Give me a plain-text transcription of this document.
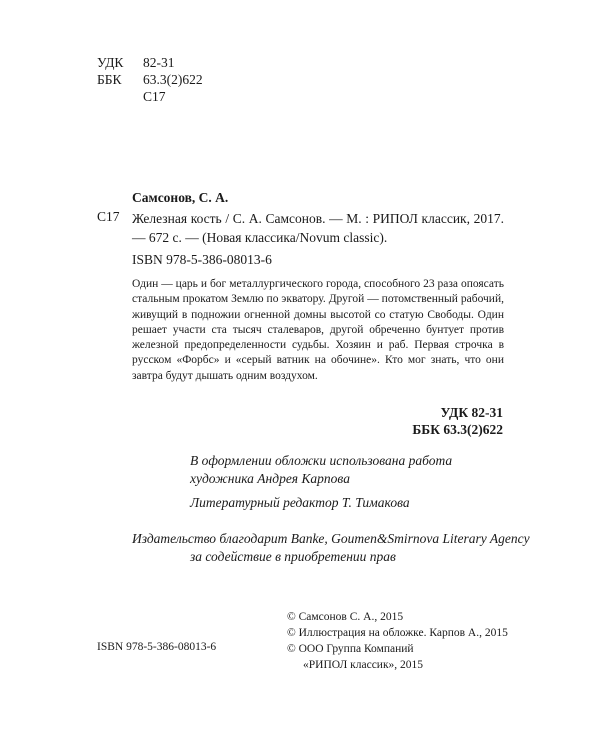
УДК	82-31
ББК	63.3(2)622
С17
Самсонов, С. А.
С17 Железная кость / С. А. Самсонов. — М. : РИПОЛ классик, 2017. — 672 с. — (Новая классика/Novum classic).
ISBN 978-5-386-08013-6

Один — царь и бог металлургического города, способного 23 раза опоясать стальным прокатом Землю по экватору. Другой — потомственный рабочий, живущий в подножии огненной домны высотой со статую Свободы. Один решает участи ста тысяч сталеваров, другой обреченно бунтует против железной предопределенности судьбы. Хозяин и раб. Первая строчка в русском «Форбс» и «серый ватник на обочине». Кто мог знать, что они завтра будут дышать одним воздухом.

УДК 82-31
ББК 63.3(2)622
В оформлении обложки использована работа
художника Андрея Карпова
Литературный редактор Т. Тимакова
Издательство благодарит Banke, Goumen&Smirnova Literary Agency
за содействие в приобретении прав
© Самсонов С. А., 2015
© Иллюстрация на обложке. Карпов А., 2015
© ООО Группа Компаний
«РИПОЛ классик», 2015
ISBN 978-5-386-08013-6
